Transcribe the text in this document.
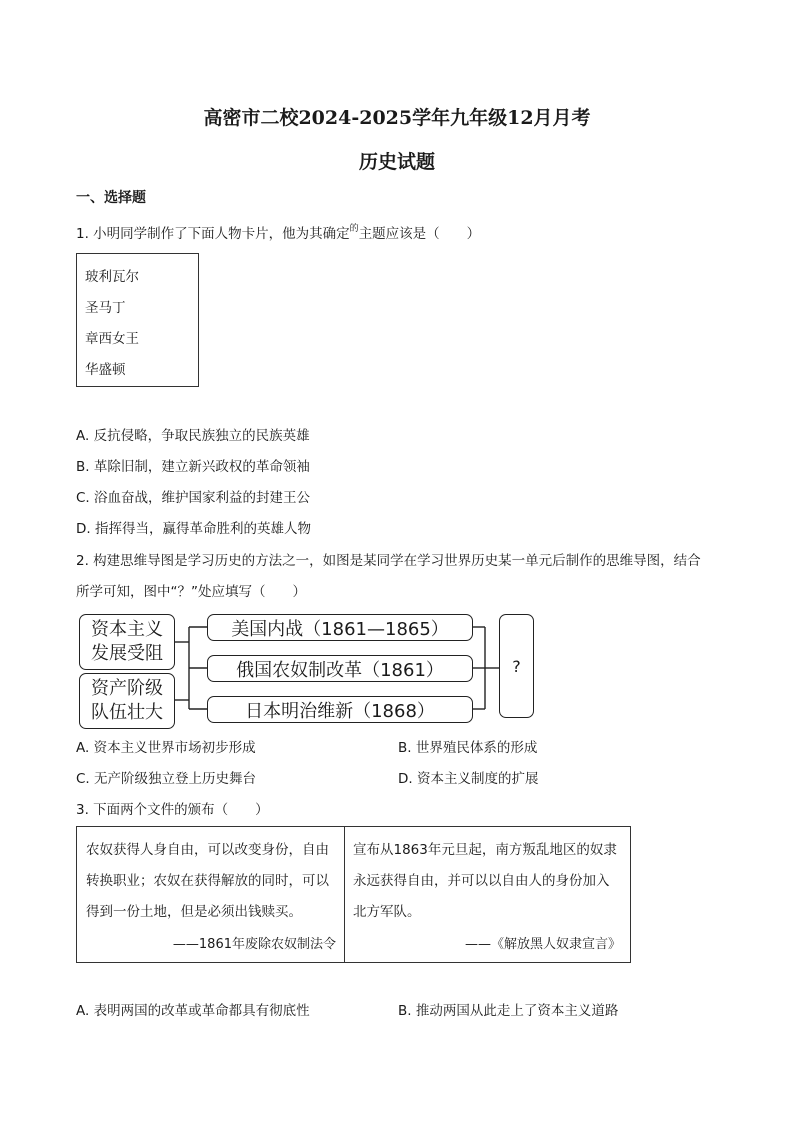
高密市二校2024-2025学年九年级12月月考
历史试题
一、选择题
1. 小明同学制作了下面人物卡片，他为其确定$^的$主题应该是（　　）
玻利瓦尔
圣马丁
章西女王
华盛顿
A. 反抗侵略，争取民族独立的民族英雄
B. 革除旧制，建立新兴政权的革命领袖
C. 浴血奋战，维护国家利益的封建王公
D. 指挥得当，赢得革命胜利的英雄人物
2. 构建思维导图是学习历史的方法之一，如图是某同学在学习世界历史某一单元后制作的思维导图，结合
所学可知，图中“？”处应填写（　　）
资本主义
发展受阻
资产阶级
队伍壮大
美国内战（1861—1865）
俄国农奴制改革（1861）
日本明治维新（1868）
?
A. 资本主义世界市场初步形成	B. 世界殖民体系的形成
C. 无产阶级独立登上历史舞台	D. 资本主义制度的扩展
3. 下面两个文件的颁布（　　）
农奴获得人身自由，可以改变身份，自由
转换职业；农奴在获得解放的同时，可以
得到一份土地，但是必须出钱赎买。
——1861年废除农奴制法令
宣布从1863年元旦起，南方叛乱地区的奴隶
永远获得自由，并可以以自由人的身份加入
北方军队。
——《解放黑人奴隶宣言》
A. 表明两国的改革或革命都具有彻底性	B. 推动两国从此走上了资本主义道路
